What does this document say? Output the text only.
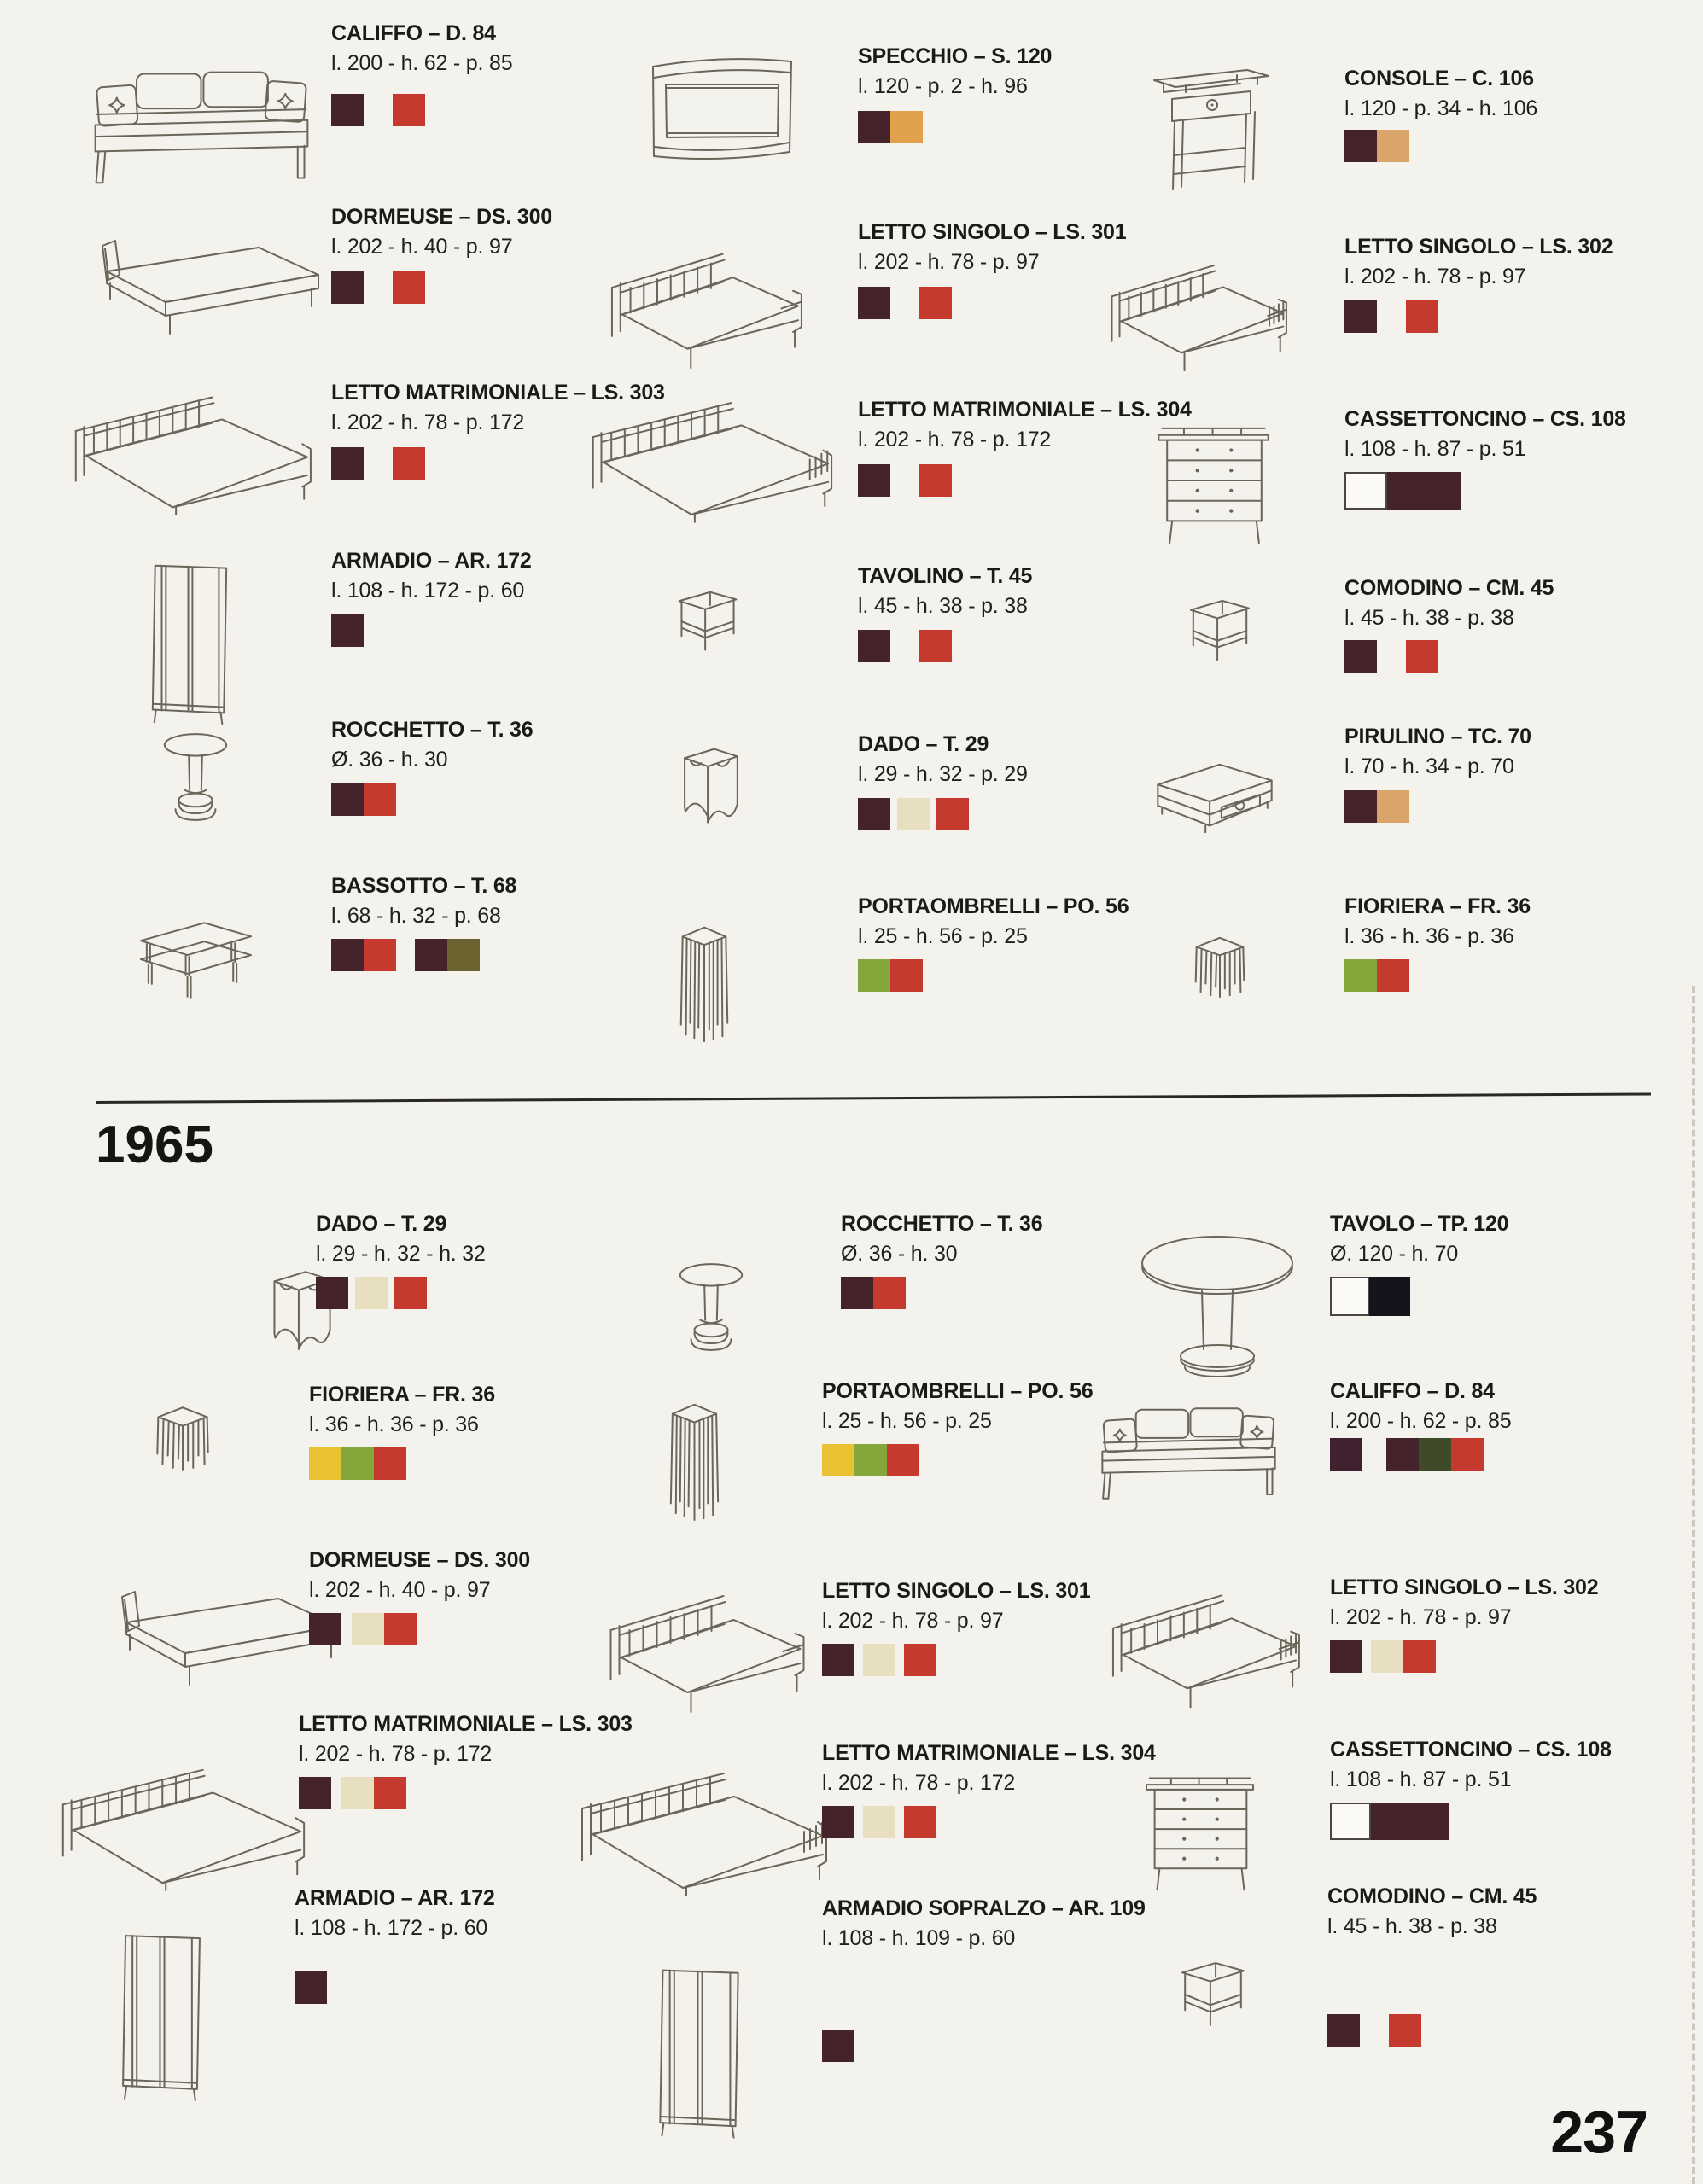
CALIFFO – D. 84
l. 200 - h. 62 - p. 85	SPECCHIO – S. 120
l. 120 - p. 2 - h. 96	CONSOLE – C. 106
l. 120 - p. 34 - h. 106
DORMEUSE – DS. 300
l. 202 - h. 40 - p. 97
LETTO SINGOLO – LS. 301
l. 202 - h. 78 - p. 97
LETTO SINGOLO – LS. 302
l. 202 - h. 78 - p. 97
LETTO MATRIMONIALE – LS. 303
l. 202 - h. 78 - p. 172
LETTO MATRIMONIALE – LS. 304
l. 202 - h. 78 - p. 172
CASSETTONCINO – CS. 108
l. 108 - h. 87 - p. 51
ARMADIO – AR. 172
l. 108 - h. 172 - p. 60
TAVOLINO – T. 45
l. 45 - h. 38 - p. 38
COMODINO – CM. 45
l. 45 - h. 38 - p. 38
ROCCHETTO – T. 36
Ø. 36 - h. 30
DADO – T. 29
l. 29 - h. 32 - p. 29
PIRULINO – TC. 70
l. 70 - h. 34 - p. 70
BASSOTTO – T. 68
l. 68 - h. 32 - p. 68	PORTAOMBRELLI – PO. 56
l. 25 - h. 56 - p. 25
FIORIERA – FR. 36
l. 36 - h. 36 - p. 36
1965
DADO – T. 29
l. 29 - h. 32 - h. 32
ROCCHETTO – T. 36
Ø. 36 - h. 30
TAVOLO – TP. 120
Ø. 120 - h. 70
FIORIERA – FR. 36
l. 36 - h. 36 - p. 36
PORTAOMBRELLI – PO. 56
l. 25 - h. 56 - p. 25
CALIFFO – D. 84
l. 200 - h. 62 - p. 85
DORMEUSE – DS. 300
l. 202 - h. 40 - p. 97	LETTO SINGOLO – LS. 301
l. 202 - h. 78 - p. 97
LETTO SINGOLO – LS. 302
l. 202 - h. 78 - p. 97
LETTO MATRIMONIALE – LS. 303
l. 202 - h. 78 - p. 172	LETTO MATRIMONIALE – LS. 304
l. 202 - h. 78 - p. 172
CASSETTONCINO – CS. 108
l. 108 - h. 87 - p. 51
ARMADIO – AR. 172
l. 108 - h. 172 - p. 60
ARMADIO SOPRALZO – AR. 109
l. 108 - h. 109 - p. 60
COMODINO – CM. 45
l. 45 - h. 38 - p. 38
237
